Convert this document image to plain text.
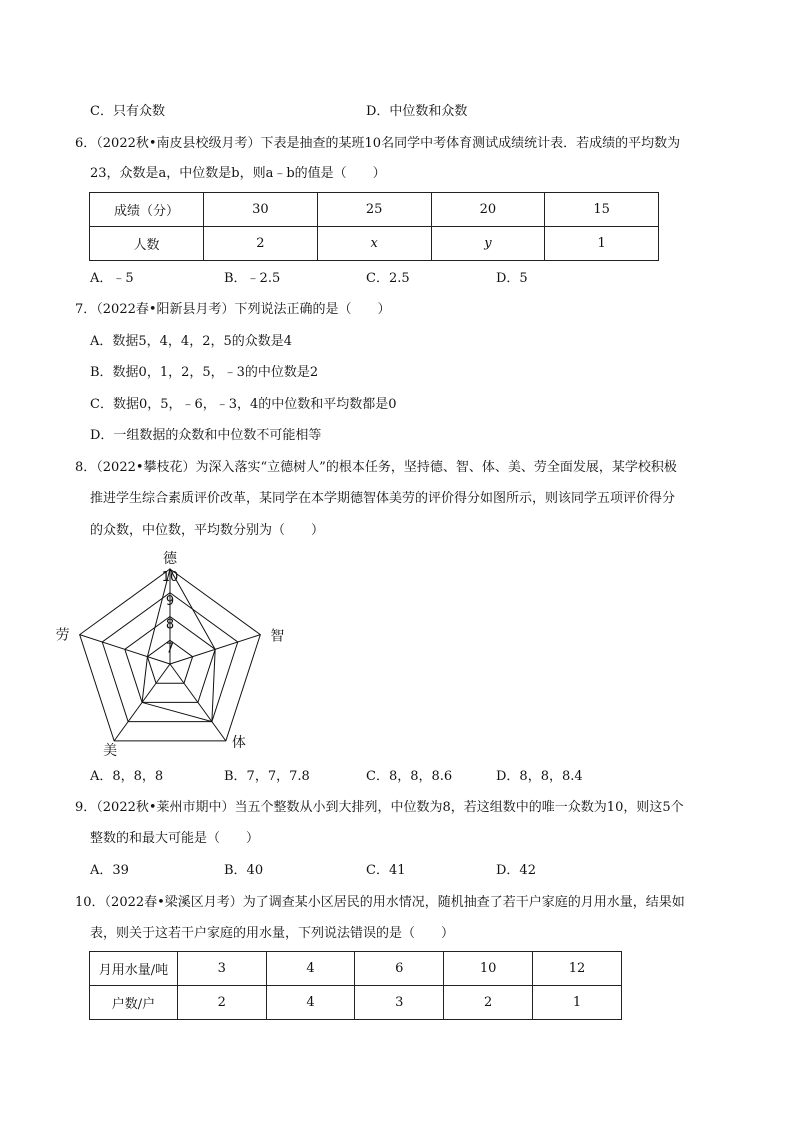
C．只有众数	D．中位数和众数
6．（2022秋•南皮县校级月考）下表是抽查的某班10名同学中考体育测试成绩统计表．若成绩的平均数为
23，众数是a，中位数是b，则a﹣b的值是（　　）
成绩（分）	30	25	20	15
人数	2	x	y	1
A．﹣5	B．﹣2.5	C．2.5	D．5
7．（2022春•阳新县月考）下列说法正确的是（　　）
A．数据5，4，4，2，5的众数是4
B．数据0，1，2，5，﹣3的中位数是2
C．数据0，5，﹣6，﹣3，4的中位数和平均数都是0
D．一组数据的众数和中位数不可能相等
8．（2022•攀枝花）为深入落实“立德树人”的根本任务，坚持德、智、体、美、劳全面发展，某学校积极
推进学生综合素质评价改革，某同学在本学期德智体美劳的评价得分如图所示，则该同学五项评价得分
的众数，中位数，平均数分别为（　　）
10
9
8
7
德
智
体
美
劳
A．8，8，8	B．7，7，7.8	C．8，8，8.6	D．8，8，8.4
9．（2022秋•莱州市期中）当五个整数从小到大排列，中位数为8，若这组数中的唯一众数为10，则这5个
整数的和最大可能是（　　）
A．39	B．40	C．41	D．42
10．（2022春•梁溪区月考）为了调查某小区居民的用水情况，随机抽查了若干户家庭的月用水量，结果如
表，则关于这若干户家庭的用水量，下列说法错误的是（　　）
月用水量/吨	3	4	6	10	12
户数/户	2	4	3	2	1
